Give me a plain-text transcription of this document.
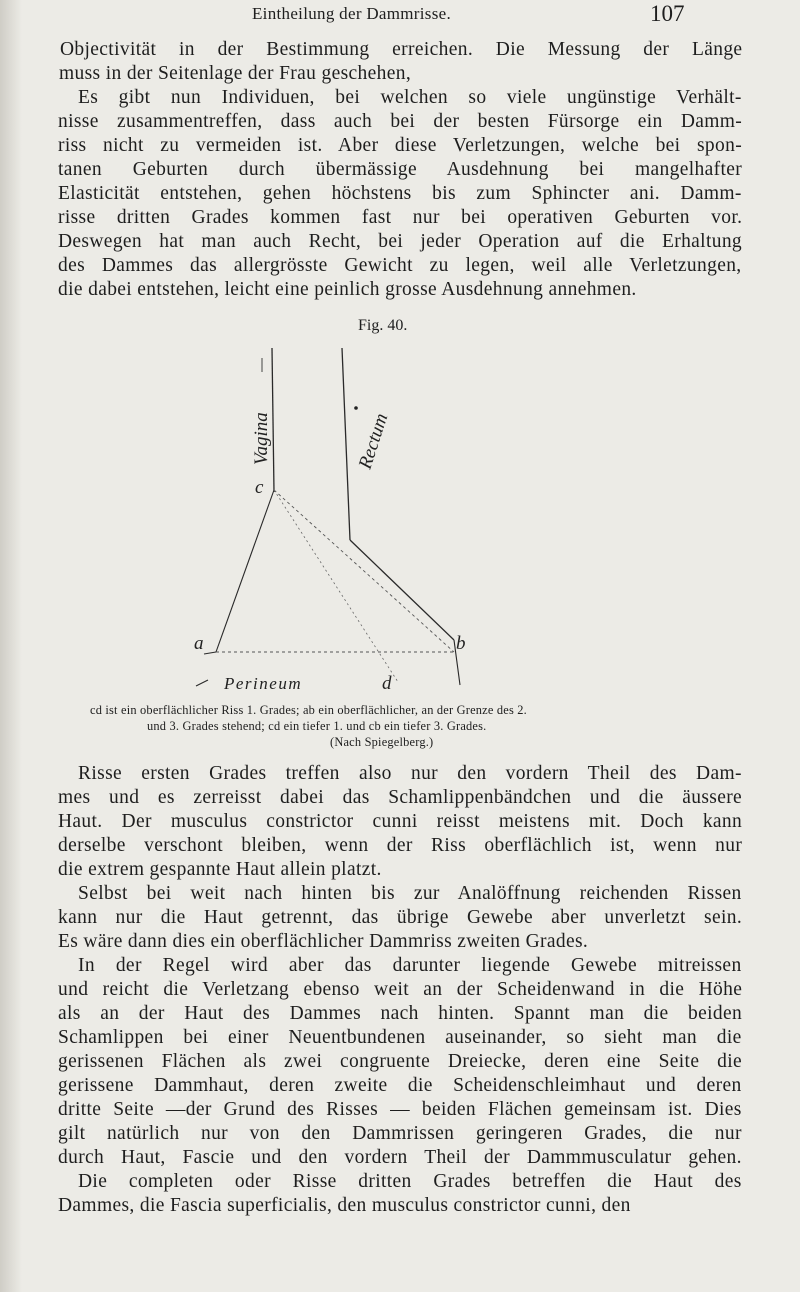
Eintheilung der Dammrisse.	107

Objectivität in der Bestimmung erreichen. Die Messung der Länge

muss in der Seitenlage der Frau geschehen,

Es gibt nun Individuen, bei welchen so viele ungünstige Verhält-

nisse zusammentreffen, dass auch bei der besten Fürsorge ein Damm-

riss nicht zu vermeiden ist. Aber diese Verletzungen, welche bei spon-

tanen Geburten durch übermässige Ausdehnung bei mangelhafter

Elasticität entstehen, gehen höchstens bis zum Sphincter ani. Damm-

risse dritten Grades kommen fast nur bei operativen Geburten vor.

Deswegen hat man auch Recht, bei jeder Operation auf die Erhaltung

des Dammes das allergrösste Gewicht zu legen, weil alle Verletzungen,

die dabei entstehen, leicht eine peinlich grosse Ausdehnung annehmen.

Fig. 40.
Vagina	Rectum
c
a	b
Perineum	d

cd ist ein oberflächlicher Riss 1. Grades; ab ein oberflächlicher, an der Grenze des 2.

und 3. Grades stehend; cd ein tiefer 1. und cb ein tiefer 3. Grades.

(Nach Spiegelberg.)

Risse ersten Grades treffen also nur den vordern Theil des Dam-

mes und es zerreisst dabei das Schamlippenbändchen und die äussere

Haut. Der musculus constrictor cunni reisst meistens mit. Doch kann

derselbe verschont bleiben, wenn der Riss oberflächlich ist, wenn nur

die extrem gespannte Haut allein platzt.

Selbst bei weit nach hinten bis zur Analöffnung reichenden Rissen

kann nur die Haut getrennt, das übrige Gewebe aber unverletzt sein.

Es wäre dann dies ein oberflächlicher Dammriss zweiten Grades.

In der Regel wird aber das darunter liegende Gewebe mitreissen

und reicht die Verletzang ebenso weit an der Scheidenwand in die Höhe

als an der Haut des Dammes nach hinten. Spannt man die beiden

Schamlippen bei einer Neuentbundenen auseinander, so sieht man die

gerissenen Flächen als zwei congruente Dreiecke, deren eine Seite die

gerissene Dammhaut, deren zweite die Scheidenschleimhaut und deren

dritte Seite —der Grund des Risses — beiden Flächen gemeinsam ist. Dies

gilt natürlich nur von den Dammrissen geringeren Grades, die nur

durch Haut, Fascie und den vordern Theil der Dammmusculatur gehen.

Die completen oder Risse dritten Grades betreffen die Haut des

Dammes, die Fascia superficialis, den musculus constrictor cunni, den
